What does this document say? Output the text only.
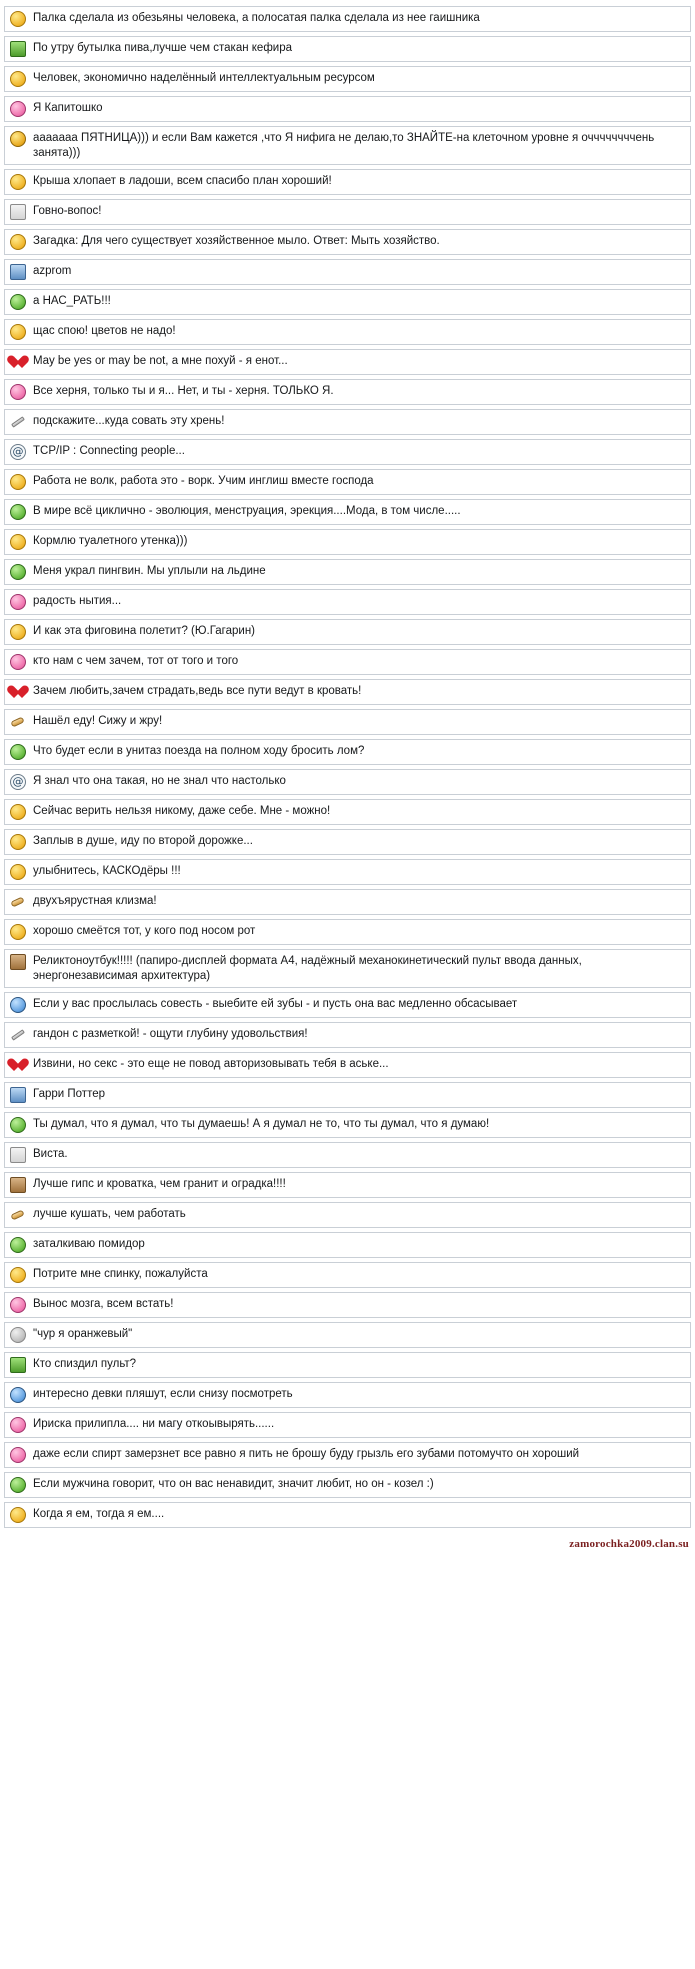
Палка сделала из обезьяны человека, а полосатая палка сделала из нее гаишника
По утру бутылка пива,лучше чем стакан кефира
Человек, экономично наделённый интеллектуальным ресурсом
Я Капитошко
ааааааа ПЯТНИЦА))) и если Вам кажется ,что Я нифига не делаю,то ЗНАЙТЕ-на клеточном уровне я оччччччччень занята)))
Крыша хлопает в ладоши, всем спасибо план хороший!
Говно-вопос!
Загадка: Для чего существует хозяйственное мыло. Ответ: Мыть хозяйство.
azprom
а НАС_РАТЬ!!!
щас спою! цветов не надо!
May be yes or may be not, а мне похуй - я енот...
Все херня, только ты и я... Нет, и ты - херня. ТОЛЬКО Я.
подскажите...куда совать эту хрень!
@ TCP/IP : Connecting people...
Работа не волк, работа это - ворк. Учим инглиш вместе господа
В мире всё циклично - эволюция, менструация, эрекция....Мода, в том числе.....
Кормлю туалетного утенка)))
Меня украл пингвин. Мы уплыли на льдине
радость нытия...
И как эта фиговина полетит? (Ю.Гагарин)
кто нам с чем зачем, тот от того и того
Зачем любить,зачем страдать,ведь все пути ведут в кровать!
Нашёл еду! Сижу и жру!
Что будет если в унитаз поезда на полном ходу бросить лом?
@ Я знал что она такая, но не знал что настолько
Сейчас верить нельзя никому, даже себе. Мне - можно!
Заплыв в душе, иду по второй дорожке...
улыбнитесь, КАСКОдёры !!!
двухъярустная клизма!
хорошо смеётся тот, у кого под носом рот
Реликтоноутбук!!!!! (папиро-дисплей формата А4, надёжный механокинетический пульт ввода данных, энергонезависимая архитектура)
Если у вас прослылась совесть - выебите ей зубы - и пусть она вас медленно обсасывает
гандон с разметкой! - ощути глубину удовольствия!
Извини, но секс - это еще не повод авторизовывать тебя в аське...
Гарри Поттер
Ты думал, что я думал, что ты думаешь! А я думал не то, что ты думал, что я думаю!
Виста.
Лучше гипс и кроватка, чем гранит и оградка!!!!
лучше кушать, чем работать
заталкиваю помидор
Потрите мне спинку, пожалуйста
Вынос мозга, всем встать!
"чур я оранжевый"
Кто спиздил пульт?
интересно девки пляшут, если снизу посмотреть
Ириска прилипла.... ни магу откоывырять......
даже если спирт замерзнет все равно я пить не брошу буду грызль его зубами потомучто он хороший
Если мужчина говорит, что он вас ненавидит, значит любит, но он - козел :)
Когда я ем, тогда я ем....
zamorochka2009.clan.su
